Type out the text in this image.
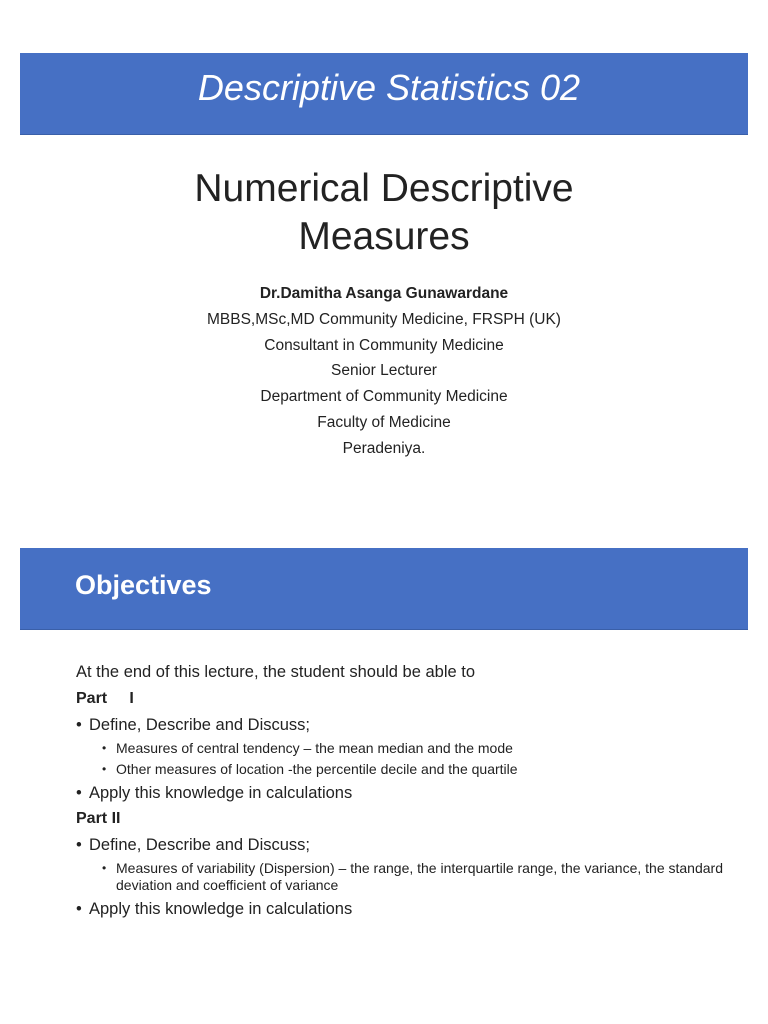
Descriptive Statistics 02
Numerical Descriptive
Measures
Dr.Damitha Asanga Gunawardane
MBBS,MSc,MD Community Medicine, FRSPH (UK)
Consultant in Community Medicine
Senior Lecturer
Department of Community Medicine
Faculty of Medicine
Peradeniya.
Objectives
At the end of this lecture, the student should be able to
Part     I
• Define, Describe and Discuss;
• Measures of central tendency – the mean median and the mode
• Other measures of location -the percentile decile and the quartile
• Apply this knowledge in calculations
Part II
• Define, Describe and Discuss;
• Measures of variability (Dispersion) – the range, the interquartile range, the variance, the standard deviation and coefficient of variance
• Apply this knowledge in calculations
